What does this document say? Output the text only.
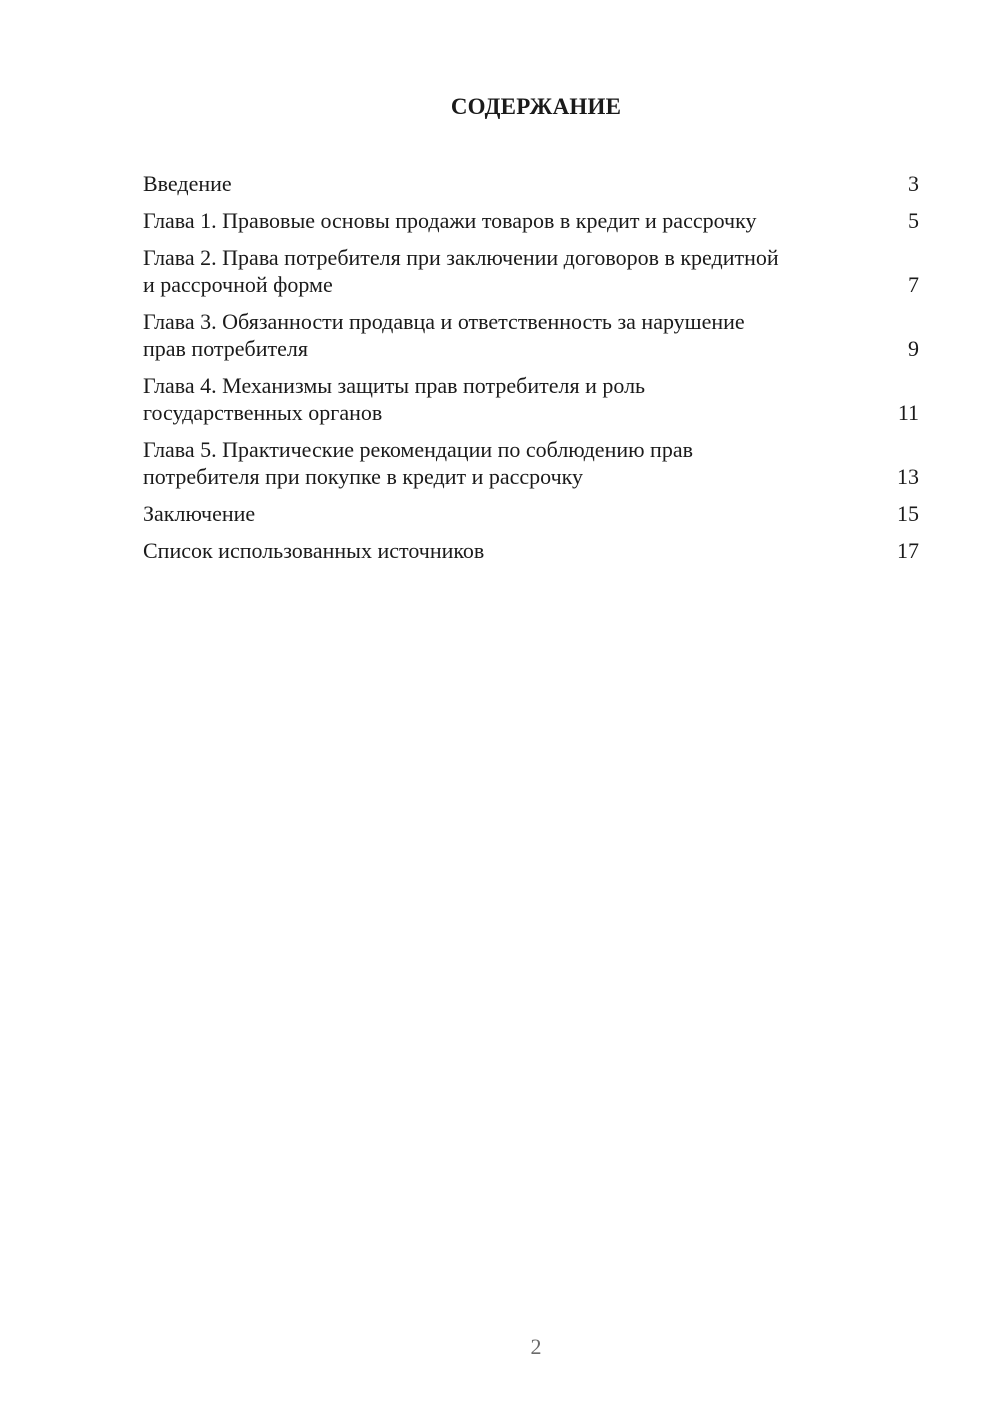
СОДЕРЖАНИЕ
Введение	3
Глава 1. Правовые основы продажи товаров в кредит и рассрочку	5
Глава 2. Права потребителя при заключении договоров в кредитной и рассрочной форме	7
Глава 3. Обязанности продавца и ответственность за нарушение прав потребителя	9
Глава 4. Механизмы защиты прав потребителя и роль государственных органов	11
Глава 5. Практические рекомендации по соблюдению прав потребителя при покупке в кредит и рассрочку	13
Заключение	15
Список использованных источников	17
2
